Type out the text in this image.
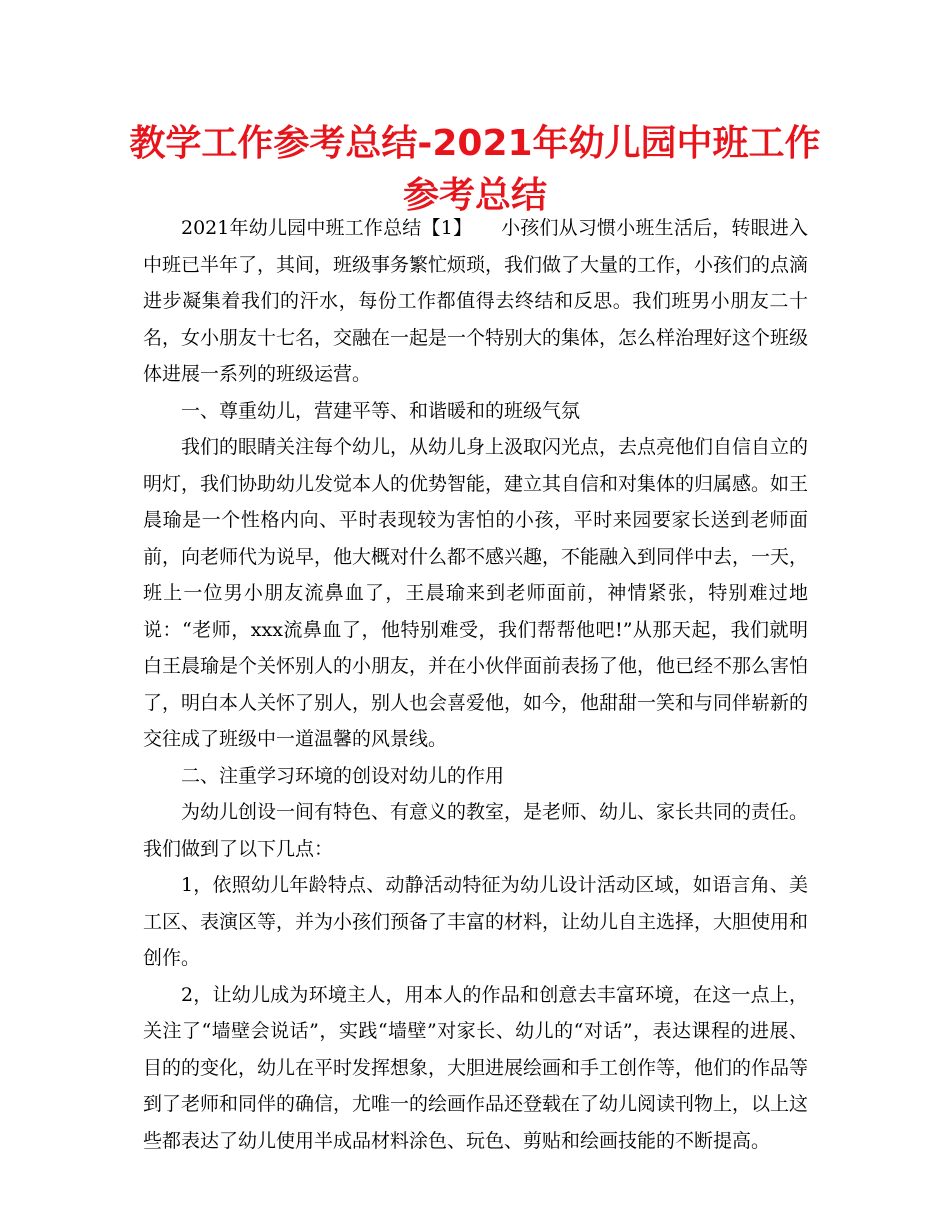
教学工作参考总结-2021年幼儿园中班工作参考总结

2021年幼儿园中班工作总结【1】　　小孩们从习惯小班生活后，转眼进入中班已半年了，其间，班级事务繁忙烦琐，我们做了大量的工作，小孩们的点滴进步凝集着我们的汗水，每份工作都值得去终结和反思。我们班男小朋友二十名，女小朋友十七名，交融在一起是一个特别大的集体，怎么样治理好这个班级体进展一系列的班级运营。

一、尊重幼儿，营建平等、和谐暖和的班级气氛

我们的眼睛关注每个幼儿，从幼儿身上汲取闪光点，去点亮他们自信自立的明灯，我们协助幼儿发觉本人的优势智能，建立其自信和对集体的归属感。如王晨瑜是一个性格内向、平时表现较为害怕的小孩，平时来园要家长送到老师面前，向老师代为说早，他大概对什么都不感兴趣，不能融入到同伴中去，一天，班上一位男小朋友流鼻血了，王晨瑜来到老师面前，神情紧张，特别难过地说：“老师，xxx流鼻血了，他特别难受，我们帮帮他吧!”从那天起，我们就明白王晨瑜是个关怀别人的小朋友，并在小伙伴面前表扬了他，他已经不那么害怕了，明白本人关怀了别人，别人也会喜爱他，如今，他甜甜一笑和与同伴崭新的交往成了班级中一道温馨的风景线。

二、注重学习环境的创设对幼儿的作用

为幼儿创设一间有特色、有意义的教室，是老师、幼儿、家长共同的责任。我们做到了以下几点：

1，依照幼儿年龄特点、动静活动特征为幼儿设计活动区域，如语言角、美工区、表演区等，并为小孩们预备了丰富的材料，让幼儿自主选择，大胆使用和创作。

2，让幼儿成为环境主人，用本人的作品和创意去丰富环境，在这一点上，关注了“墙壁会说话”，实践“墙壁”对家长、幼儿的“对话”，表达课程的进展、目的的变化，幼儿在平时发挥想象，大胆进展绘画和手工创作等，他们的作品等到了老师和同伴的确信，尤唯一的绘画作品还登载在了幼儿阅读刊物上，以上这些都表达了幼儿使用半成品材料涂色、玩色、剪贴和绘画技能的不断提高。
